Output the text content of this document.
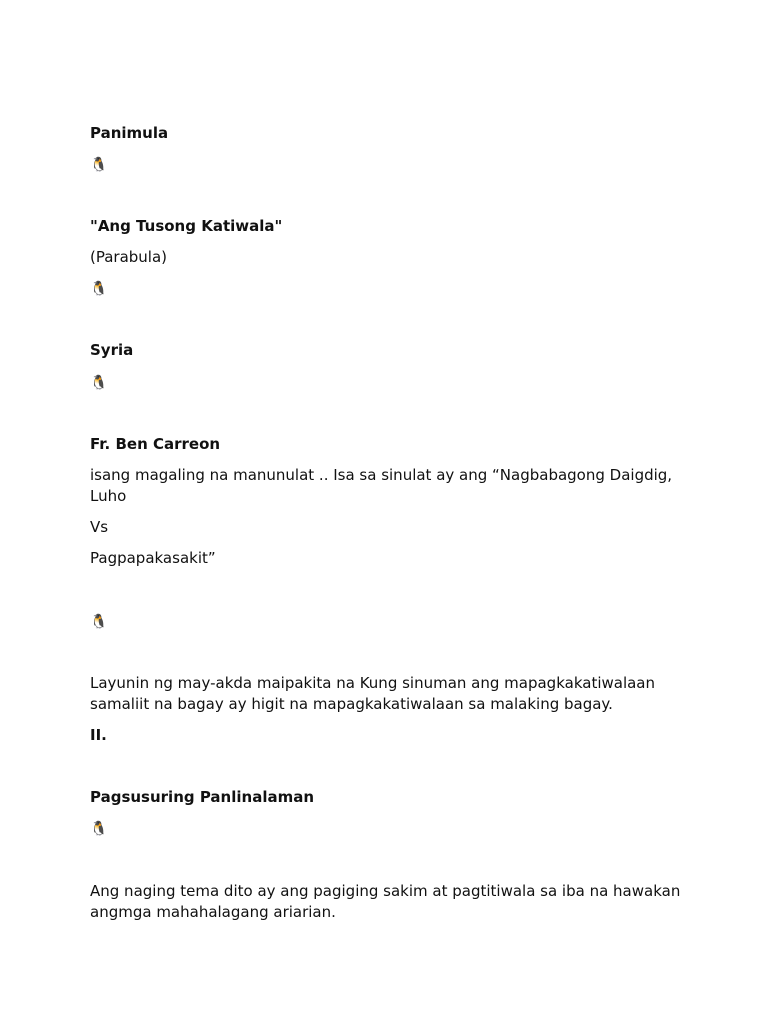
Panimula

🐧

"Ang Tusong Katiwala"

(Parabula)

🐧

Syria

🐧

Fr. Ben Carreon

isang magaling na manunulat .. Isa sa sinulat ay ang “Nagbabagong Daigdig, Luho

Vs

Pagpapakasakit”

🐧

Layunin ng may-akda maipakita na Kung sinuman ang mapagkakatiwalaan samaliit na bagay ay higit na mapagkakatiwalaan sa malaking bagay.

II.

Pagsusuring Panlinalaman

🐧

Ang naging tema dito ay ang pagiging sakim at pagtitiwala sa iba na hawakan angmga mahahalagang ariarian.
